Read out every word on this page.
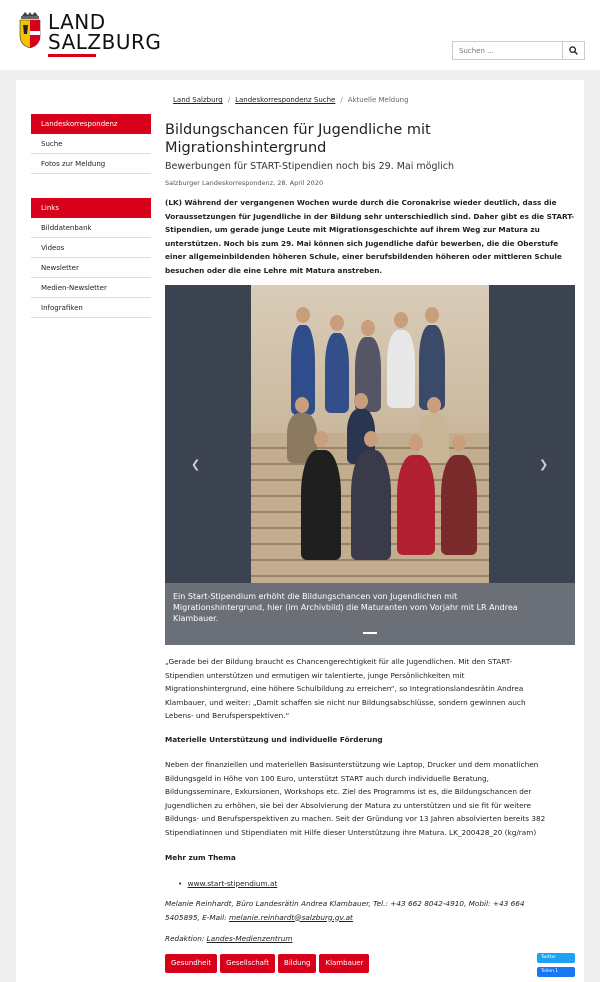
LAND
SALZBURG
Suchen ...
Landeskorrespondenz
Suche
Fotos zur Meldung
Links
Bilddatenbank
Videos
Newsletter
Medien-Newsletter
Infografiken
Land Salzburg / Landeskorrespondenz Suche / Aktuelle Meldung
Bildungschancen für Jugendliche mit
Migrationshintergrund
Bewerbungen für START-Stipendien noch bis 29. Mai möglich
Salzburger Landeskorrespondenz, 28. April 2020
(LK) Während der vergangenen Wochen wurde durch die Coronakrise wieder deutlich, dass die
Voraussetzungen für Jugendliche in der Bildung sehr unterschiedlich sind. Daher gibt es die START-
Stipendien, um gerade junge Leute mit Migrationsgeschichte auf ihrem Weg zur Matura zu
unterstützen. Noch bis zum 29. Mai können sich Jugendliche dafür bewerben, die die Oberstufe
einer allgemeinbildenden höheren Schule, einer berufsbildenden höheren oder mittleren Schule
besuchen oder die eine Lehre mit Matura anstreben.
❮	❯
Ein Start-Stipendium erhöht die Bildungschancen von Jugendlichen mit
Migrationshintergrund, hier (im Archivbild) die Maturanten vom Vorjahr mit LR Andrea
Klambauer.
„Gerade bei der Bildung braucht es Chancengerechtigkeit für alle Jugendlichen. Mit den START-
Stipendien unterstützen und ermutigen wir talentierte, junge Persönlichkeiten mit
Migrationshintergrund, eine höhere Schulbildung zu erreichen“, so Integrationslandesrätin Andrea
Klambauer, und weiter: „Damit schaffen sie nicht nur Bildungsabschlüsse, sondern gewinnen auch
Lebens- und Berufsperspektiven.“
Materielle Unterstützung und individuelle Förderung
Neben der finanziellen und materiellen Basisunterstützung wie Laptop, Drucker und dem monatlichen
Bildungsgeld in Höhe von 100 Euro, unterstützt START auch durch individuelle Beratung,
Bildungsseminare, Exkursionen, Workshops etc. Ziel des Programms ist es, die Bildungschancen der
Jugendlichen zu erhöhen, sie bei der Absolvierung der Matura zu unterstützen und sie fit für weitere
Bildungs- und Berufsperspektiven zu machen. Seit der Gründung vor 13 Jahren absolvierten bereits 382
Stipendiatinnen und Stipendiaten mit Hilfe dieser Unterstützung ihre Matura. LK_200428_20 (kg/ram)
Mehr zum Thema
• www.start-stipendium.at
Melanie Reinhardt, Büro Landesrätin Andrea Klambauer, Tel.: +43 662 8042-4910, Mobil: +43 664
5405895, E-Mail: melanie.reinhardt@salzburg.gv.at
Redaktion: Landes-Medienzentrum
Gesundheit Gesellschaft Bildung Klambauer
Twitter
Teilen 1
